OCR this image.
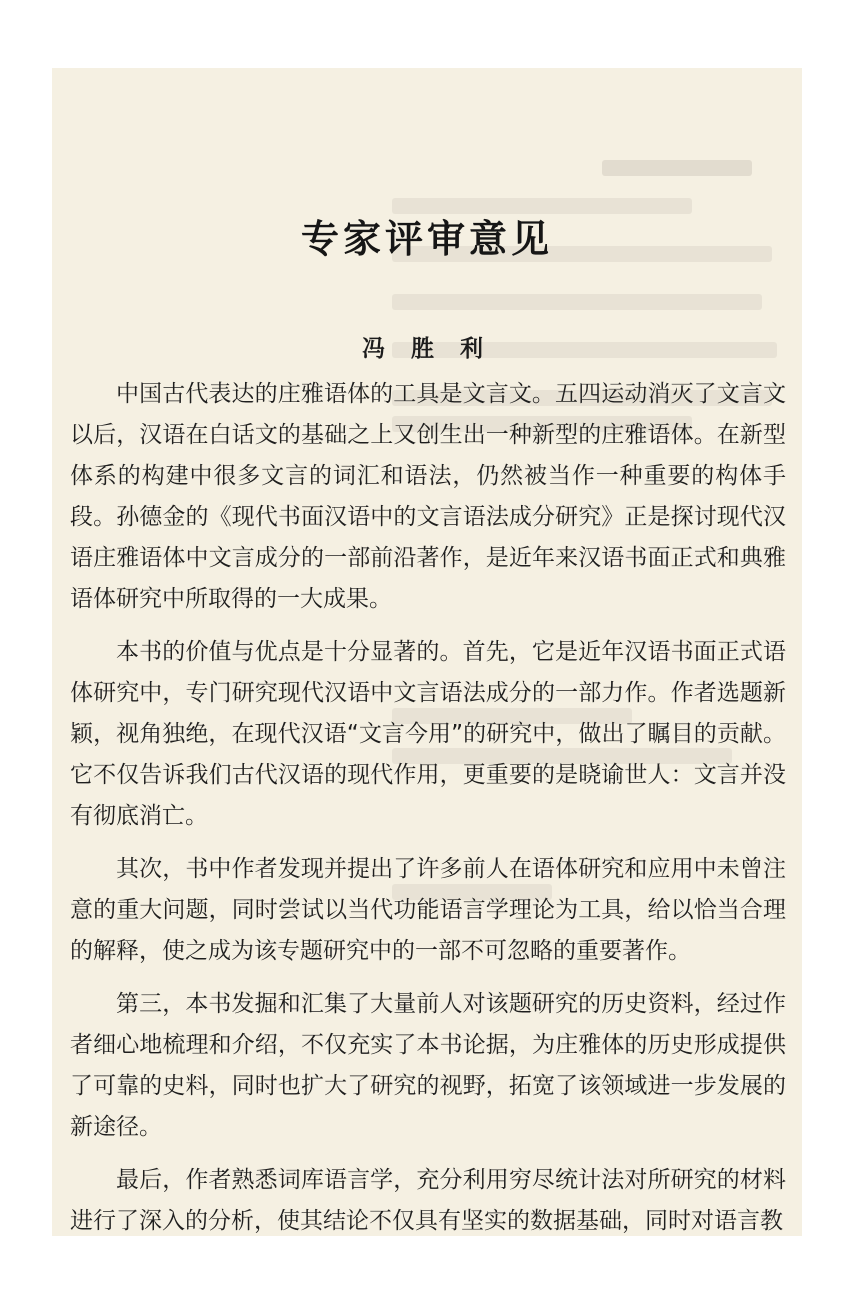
专家评审意见
冯 胜 利

中国古代表达的庄雅语体的工具是文言文。五四运动消灭了文言文以后，汉语在白话文的基础之上又创生出一种新型的庄雅语体。在新型体系的构建中很多文言的词汇和语法，仍然被当作一种重要的构体手段。孙德金的《现代书面汉语中的文言语法成分研究》正是探讨现代汉语庄雅语体中文言成分的一部前沿著作，是近年来汉语书面正式和典雅语体研究中所取得的一大成果。

本书的价值与优点是十分显著的。首先，它是近年汉语书面正式语体研究中，专门研究现代汉语中文言语法成分的一部力作。作者选题新颖，视角独绝，在现代汉语“文言今用”的研究中，做出了瞩目的贡献。它不仅告诉我们古代汉语的现代作用，更重要的是晓谕世人：文言并没有彻底消亡。

其次，书中作者发现并提出了许多前人在语体研究和应用中未曾注意的重大问题，同时尝试以当代功能语言学理论为工具，给以恰当合理的解释，使之成为该专题研究中的一部不可忽略的重要著作。

第三，本书发掘和汇集了大量前人对该题研究的历史资料，经过作者细心地梳理和介绍，不仅充实了本书论据，为庄雅体的历史形成提供了可靠的史料，同时也扩大了研究的视野，拓宽了该领域进一步发展的新途径。

最后，作者熟悉词库语言学，充分利用穷尽统计法对所研究的材料进行了深入的分析，使其结论不仅具有坚实的数据基础，同时对语言教
